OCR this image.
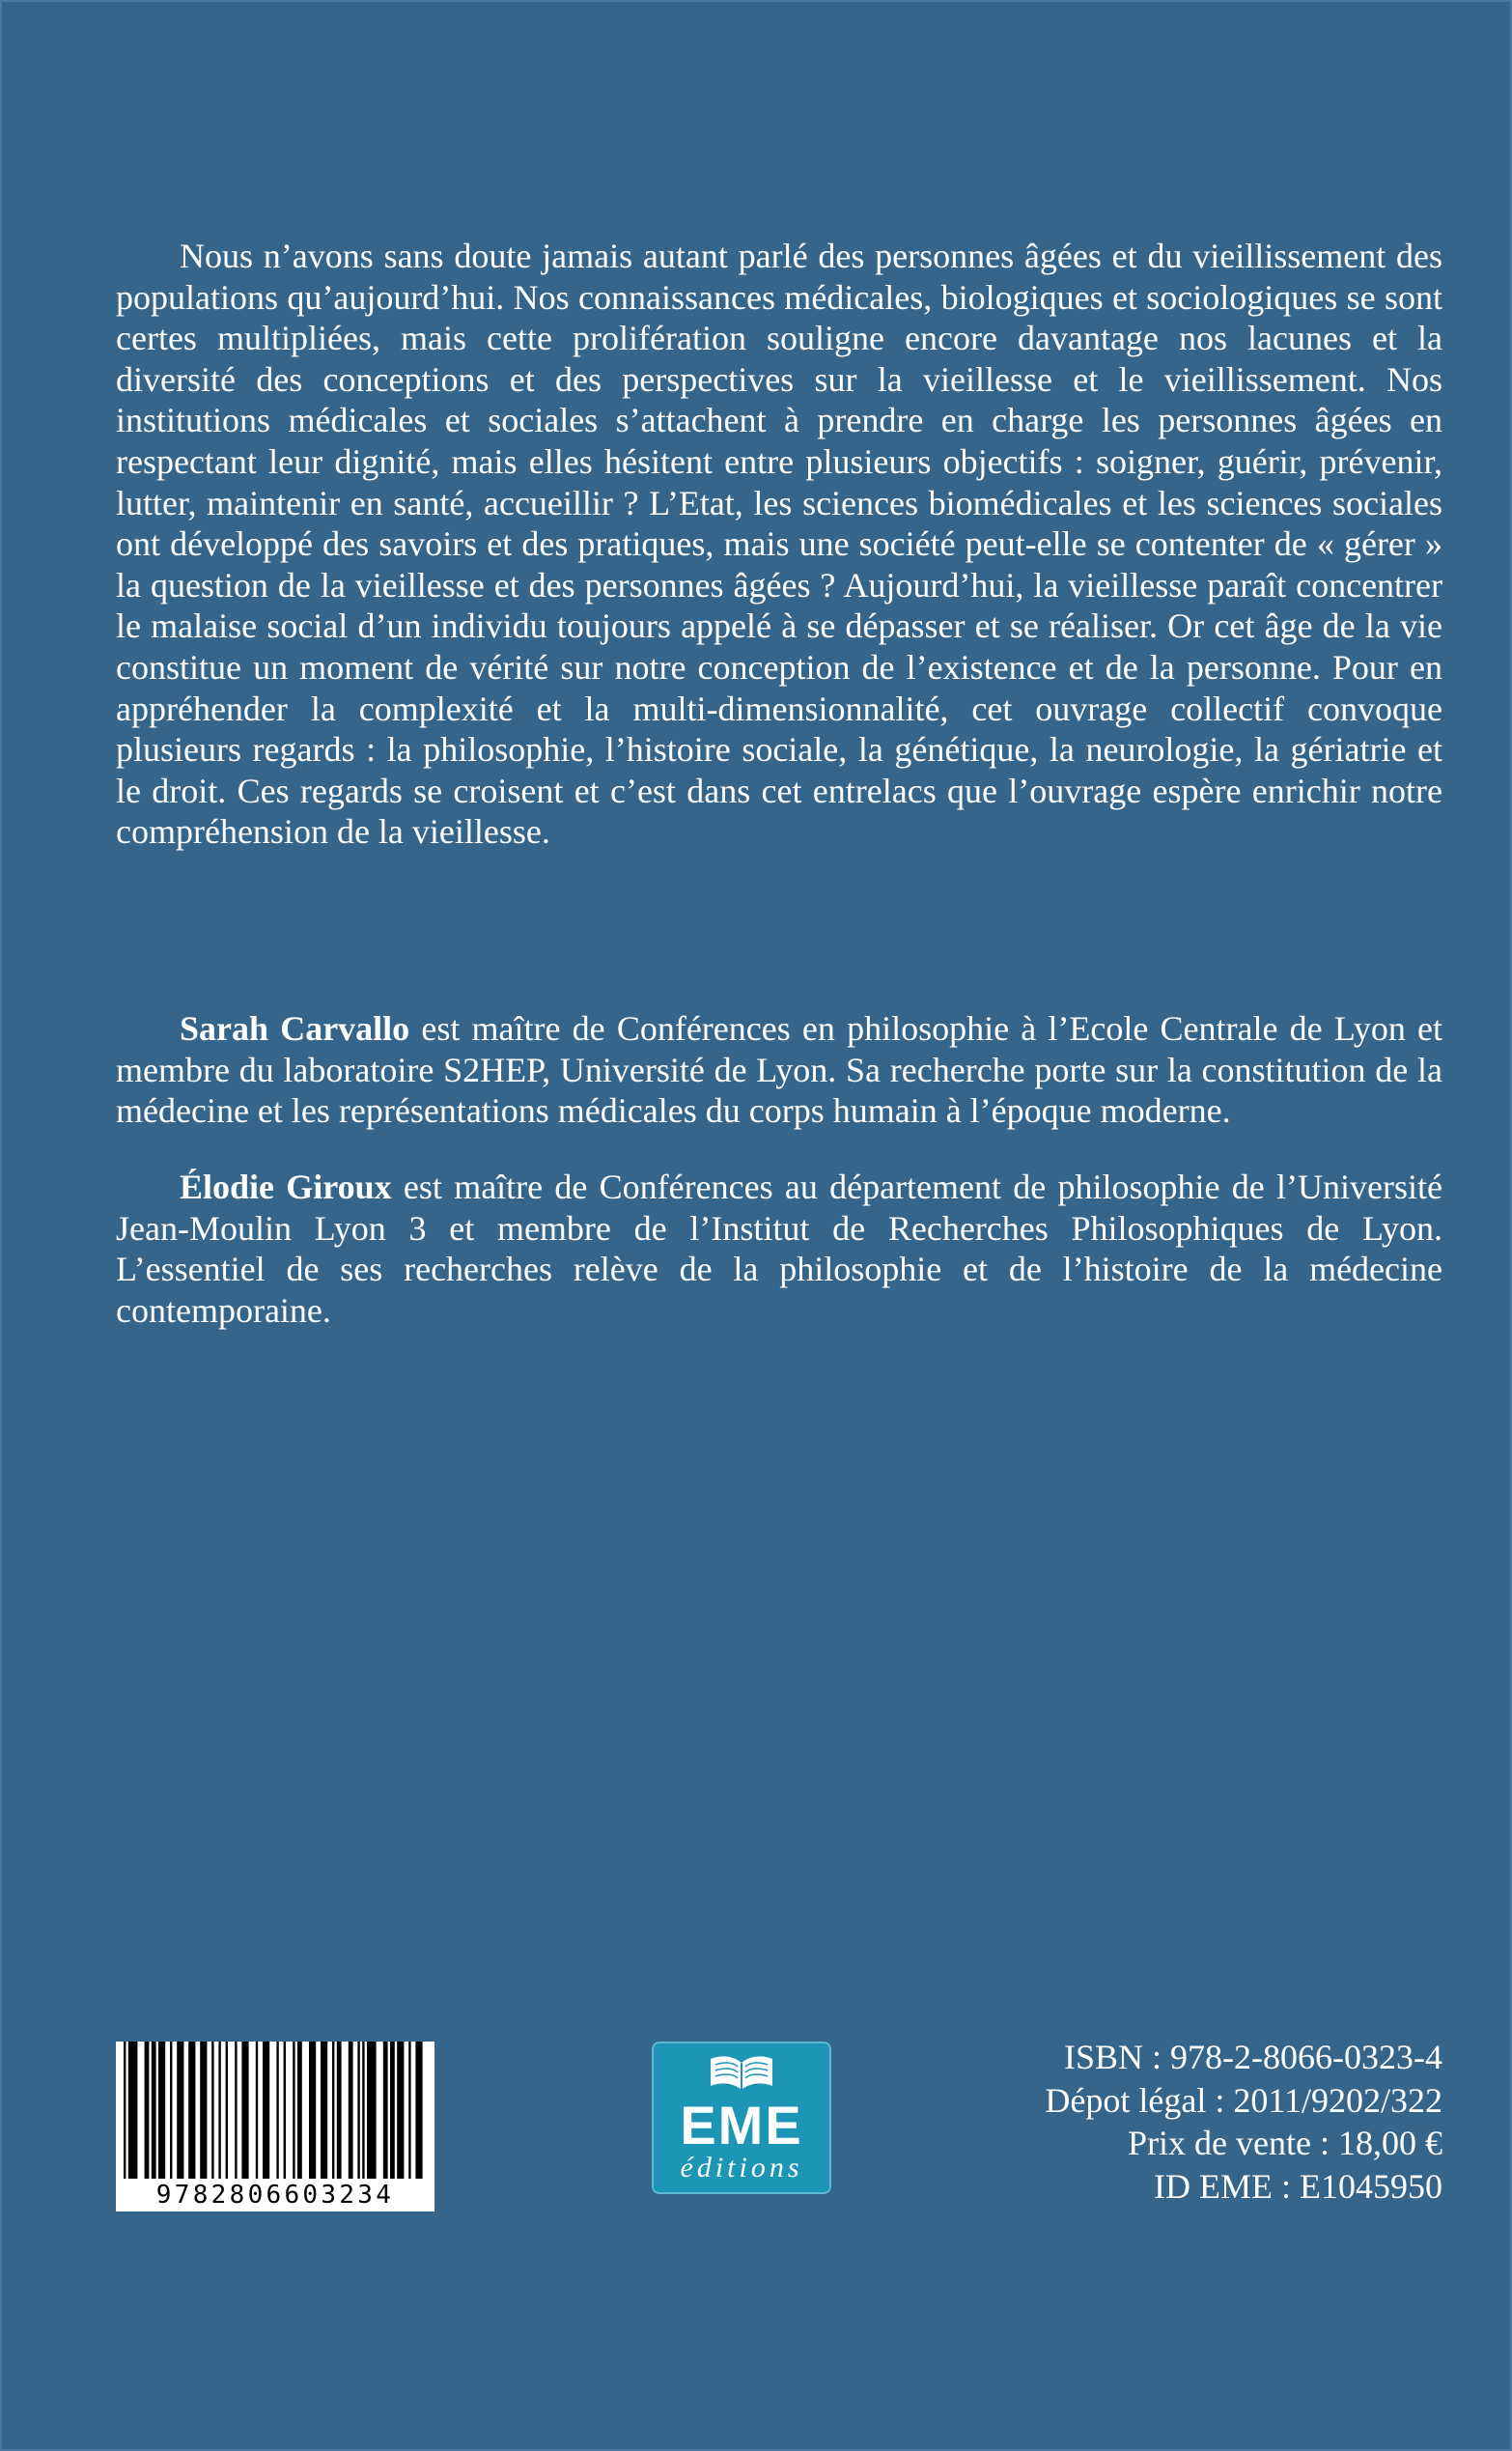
Nous n’avons sans doute jamais autant parlé des personnes âgées et du vieillissement des populations qu’aujourd’hui. Nos connaissances médicales, biologiques et sociologiques se sont certes multipliées, mais cette prolifération souligne encore davantage nos lacunes et la diversité des conceptions et des perspectives sur la vieillesse et le vieillissement. Nos institutions médicales et sociales s’attachent à prendre en charge les personnes âgées en respectant leur dignité, mais elles hésitent entre plusieurs objectifs : soigner, guérir, prévenir, lutter, maintenir en santé, accueillir ? L’Etat, les sciences biomédicales et les sciences sociales ont développé des savoirs et des pratiques, mais une société peut-elle se contenter de « gérer » la question de la vieillesse et des personnes âgées ? Aujourd’hui, la vieillesse paraît concentrer le malaise social d’un individu toujours appelé à se dépasser et se réaliser. Or cet âge de la vie constitue un moment de vérité sur notre conception de l’existence et de la personne. Pour en appréhender la complexité et la multi-dimensionnalité, cet ouvrage collectif convoque plusieurs regards : la philosophie, l’histoire sociale, la génétique, la neurologie, la gériatrie et le droit. Ces regards se croisent et c’est dans cet entrelacs que l’ouvrage espère enrichir notre compréhension de la vieillesse.

Sarah Carvallo est maître de Conférences en philosophie à l’Ecole Centrale de Lyon et membre du laboratoire S2HEP, Université de Lyon. Sa recherche porte sur la constitution de la médecine et les représentations médicales du corps humain à l’époque moderne.

Élodie Giroux est maître de Conférences au département de philosophie de l’Université Jean-Moulin Lyon 3 et membre de l’Institut de Recherches Philosophiques de Lyon. L’essentiel de ses recherches relève de la philosophie et de l’histoire de la médecine contemporaine.

9782806603234
EME
éditions
ISBN : 978-2-8066-0323-4
Dépot légal : 2011/9202/322
Prix de vente : 18,00 €
ID EME : E1045950
